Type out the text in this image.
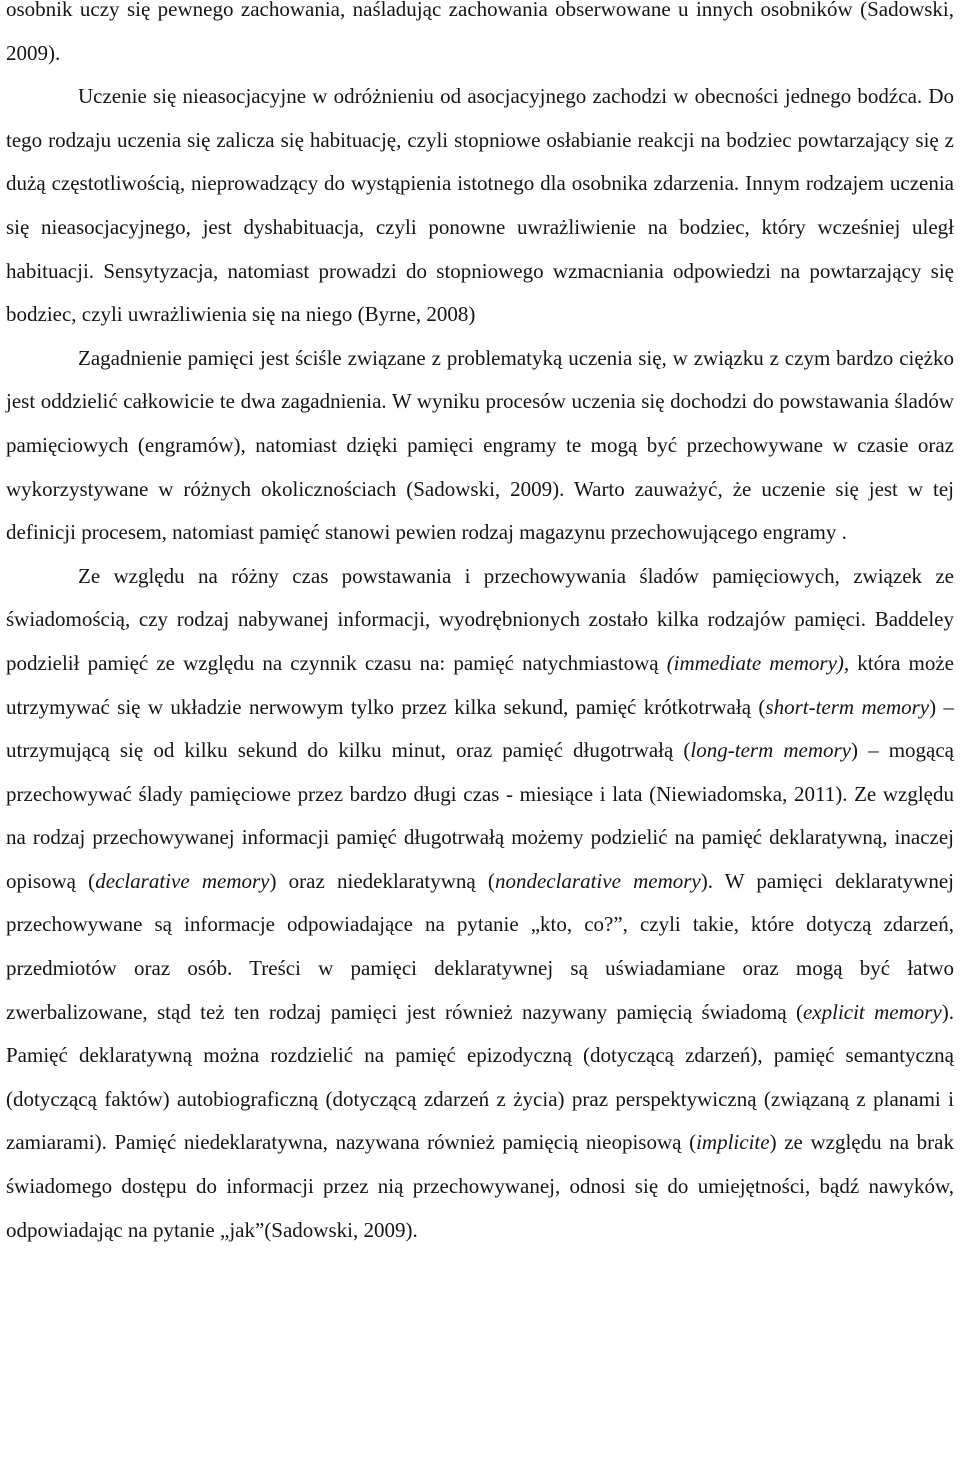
osobnik uczy się pewnego zachowania, naśladując zachowania obserwowane u innych osobników (Sadowski, 2009).

Uczenie się nieasocjacyjne w odróżnieniu od asocjacyjnego zachodzi w obecności jednego bodźca. Do tego rodzaju uczenia się zalicza się habituację, czyli stopniowe osłabianie reakcji na bodziec powtarzający się z dużą częstotliwością, nieprowadzący do wystąpienia istotnego dla osobnika zdarzenia. Innym rodzajem uczenia się nieasocjacyjnego, jest dyshabituacja, czyli ponowne uwrażliwienie na bodziec, który wcześniej uległ habituacji. Sensytyzacja, natomiast prowadzi do stopniowego wzmacniania odpowiedzi na powtarzający się bodziec, czyli uwrażliwienia się na niego (Byrne, 2008)

Zagadnienie pamięci jest ściśle związane z problematyką uczenia się, w związku z czym bardzo ciężko jest oddzielić całkowicie te dwa zagadnienia. W wyniku procesów uczenia się dochodzi do powstawania śladów pamięciowych (engramów), natomiast dzięki pamięci engramy te mogą być przechowywane w czasie oraz wykorzystywane w różnych okolicznościach (Sadowski, 2009). Warto zauważyć, że uczenie się jest w tej definicji procesem, natomiast pamięć stanowi pewien rodzaj magazynu przechowującego engramy .

Ze względu na różny czas powstawania i przechowywania śladów pamięciowych, związek ze świadomością, czy rodzaj nabywanej informacji, wyodrębnionych zostało kilka rodzajów pamięci. Baddeley podzielił pamięć ze względu na czynnik czasu na: pamięć natychmiastową (immediate memory), która może utrzymywać się w układzie nerwowym tylko przez kilka sekund, pamięć krótkotrwałą (short-term memory) – utrzymującą się od kilku sekund do kilku minut, oraz pamięć długotrwałą (long-term memory) – mogącą przechowywać ślady pamięciowe przez bardzo długi czas - miesiące i lata (Niewiadomska, 2011). Ze względu na rodzaj przechowywanej informacji pamięć długotrwałą możemy podzielić na pamięć deklaratywną, inaczej opisową (declarative memory) oraz niedeklaratywną (nondeclarative memory). W pamięci deklaratywnej przechowywane są informacje odpowiadające na pytanie „kto, co?”, czyli takie, które dotyczą zdarzeń, przedmiotów oraz osób. Treści w pamięci deklaratywnej są uświadamiane oraz mogą być łatwo zwerbalizowane, stąd też ten rodzaj pamięci jest również nazywany pamięcią świadomą (explicit memory). Pamięć deklaratywną można rozdzielić na pamięć epizodyczną (dotyczącą zdarzeń), pamięć semantyczną (dotyczącą faktów) autobiograficzną (dotyczącą zdarzeń z życia) praz perspektywiczną (związaną z planami i zamiarami). Pamięć niedeklaratywna, nazywana również pamięcią nieopisową (implicite) ze względu na brak świadomego dostępu do informacji przez nią przechowywanej, odnosi się do umiejętności, bądź nawyków, odpowiadając na pytanie „jak”(Sadowski, 2009).
